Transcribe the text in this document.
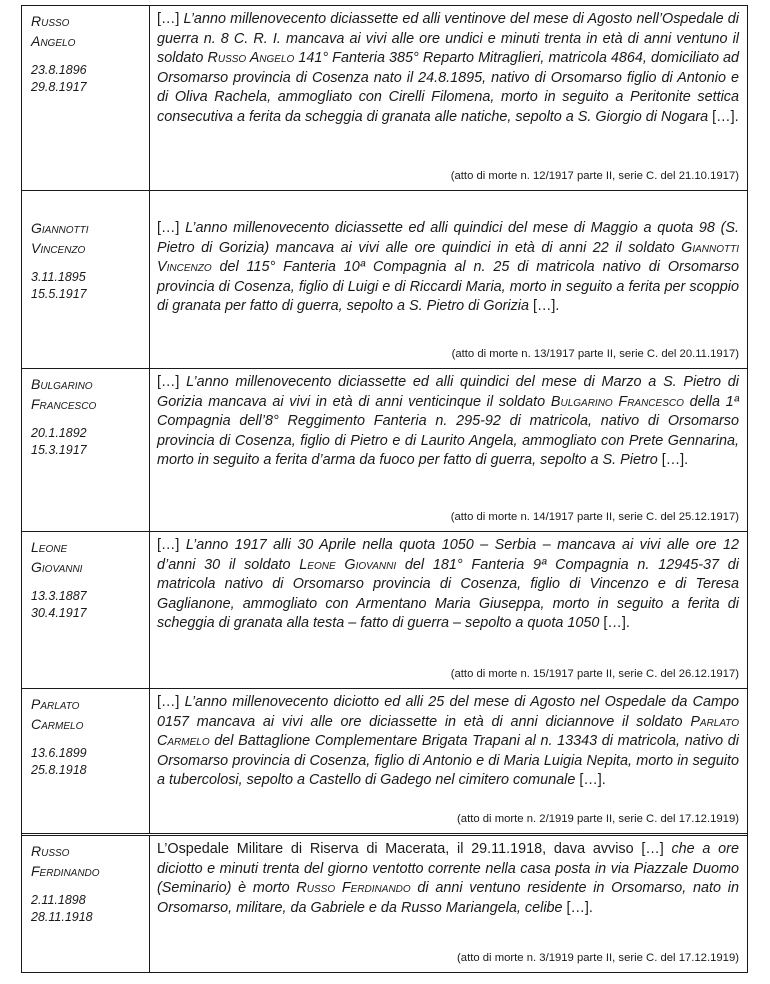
Russo
Angelo
23.8.1896
29.8.1917

[…] L’anno millenovecento diciassette ed alli ventinove del mese di Agosto nell’Ospedale di guerra n. 8 C. R. I. mancava ai vivi alle ore undici e minuti trenta in età di anni ventuno il soldato Russo Angelo 141° Fanteria 385° Reparto Mitraglieri, matricola 4864, domiciliato ad Orsomarso provincia di Cosenza nato il 24.8.1895, nativo di Orsomarso figlio di Antonio e di Oliva Rachela, ammogliato con Cirelli Filomena, morto in seguito a Peritonite settica consecutiva a ferita da scheggia di granata alle natiche, sepolto a S. Giorgio di Nogara […].

(atto di morte n. 12/1917 parte II, serie C. del 21.10.1917)
Giannotti
Vincenzo
3.11.1895
15.5.1917

[…] L’anno millenovecento diciassette ed alli quindici del mese di Maggio a quota 98 (S. Pietro di Gorizia) mancava ai vivi alle ore quindici in età di anni 22 il soldato Giannotti Vincenzo del 115° Fanteria 10ª Compagnia al n. 25 di matricola nativo di Orsomarso provincia di Cosenza, figlio di Luigi e di Riccardi Maria, morto in seguito a ferita per scoppio di granata per fatto di guerra, sepolto a S. Pietro di Gorizia […].

(atto di morte n. 13/1917 parte II, serie C. del 20.11.1917)
Bulgarino
Francesco
20.1.1892
15.3.1917

[…] L’anno millenovecento diciassette ed alli quindici del mese di Marzo a S. Pietro di Gorizia mancava ai vivi in età di anni venticinque il soldato Bulgarino Francesco della 1ª Compagnia dell’8° Reggimento Fanteria n. 295-92 di matricola, nativo di Orsomarso provincia di Cosenza, figlio di Pietro e di Laurito Angela, ammogliato con Prete Gennarina, morto in seguito a ferita d’arma da fuoco per fatto di guerra, sepolto a S. Pietro […].

(atto di morte n. 14/1917 parte II, serie C. del 25.12.1917)
Leone
Giovanni
13.3.1887
30.4.1917

[…] L’anno 1917 alli 30 Aprile nella quota 1050 – Serbia – mancava ai vivi alle ore 12 d’anni 30 il soldato Leone Giovanni del 181° Fanteria 9ª Compagnia n. 12945-37 di matricola nativo di Orsomarso provincia di Cosenza, figlio di Vincenzo e di Teresa Gaglianone, ammogliato con Armentano Maria Giuseppa, morto in seguito a ferita di scheggia di granata alla testa – fatto di guerra – sepolto a quota 1050 […].

(atto di morte n. 15/1917 parte II, serie C. del 26.12.1917)
Parlato
Carmelo
13.6.1899
25.8.1918

[…] L’anno millenovecento diciotto ed alli 25 del mese di Agosto nel Ospedale da Campo 0157 mancava ai vivi alle ore diciassette in età di anni diciannove il soldato Parlato Carmelo del Battaglione Complementare Brigata Trapani al n. 13343 di matricola, nativo di Orsomarso provincia di Cosenza, figlio di Antonio e di Maria Luigia Nepita, morto in seguito a tubercolosi, sepolto a Castello di Gadego nel cimitero comunale […].

(atto di morte n. 2/1919 parte II, serie C. del 17.12.1919)
Russo
Ferdinando
2.11.1898
28.11.1918

L’Ospedale Militare di Riserva di Macerata, il 29.11.1918, dava avviso […] che a ore diciotto e minuti trenta del giorno ventotto corrente nella casa posta in via Piazzale Duomo (Seminario) è morto Russo Ferdinando di anni ventuno residente in Orsomarso, nato in Orsomarso, militare, da Gabriele e da Russo Mariangela, celibe […].

(atto di morte n. 3/1919 parte II, serie C. del 17.12.1919)
